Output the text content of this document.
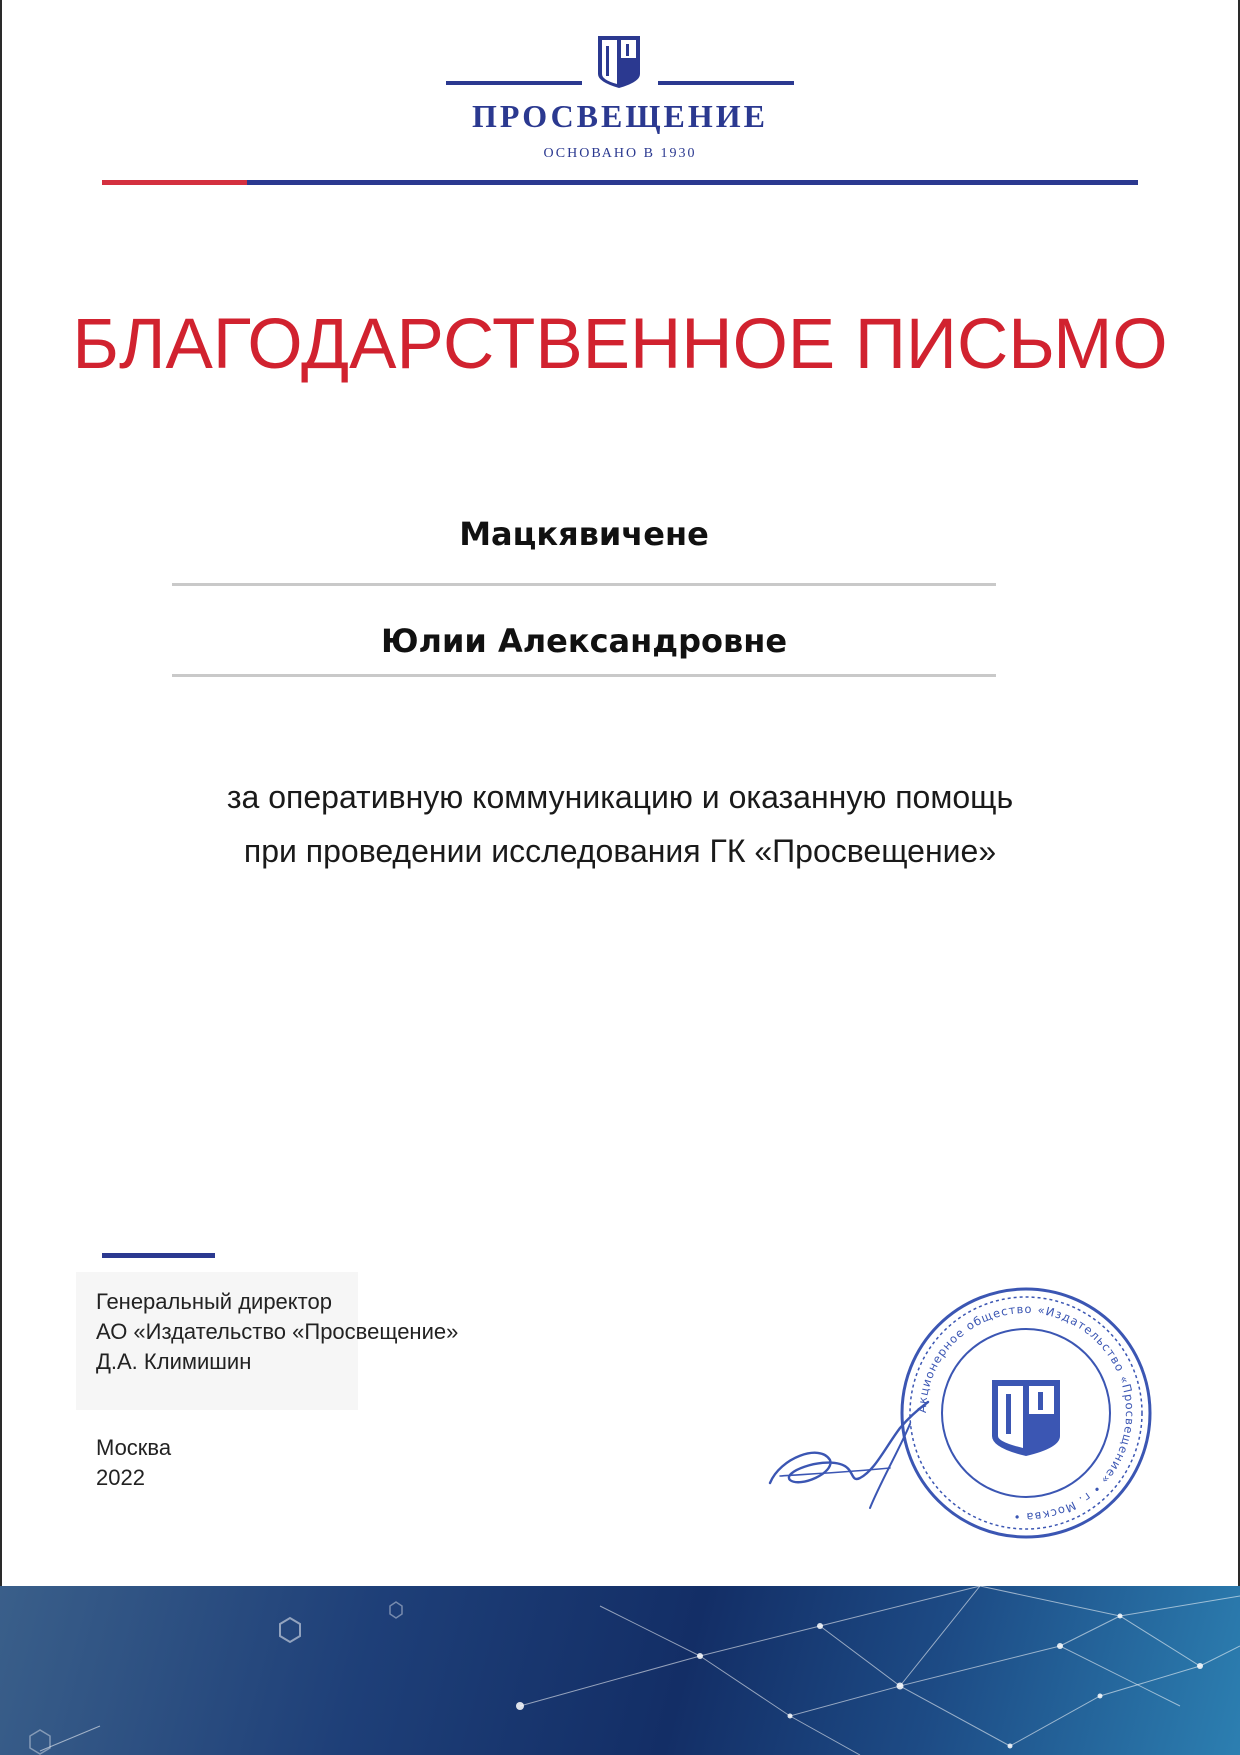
ПРОСВЕЩЕНИЕ
ОСНОВАНО В 1930
БЛАГОДАРСТВЕННОЕ ПИСЬМО
Мацкявичене
Юлии Александровне

за оперативную коммуникацию и оказанную помощь

при проведении исследования ГК «Просвещение»

Генеральный директор
АО «Издательство «Просвещение»
Д.А. Климишин
Москва
2022
Акционерное общество «Издательство «Просвещение» • г. Москва •
